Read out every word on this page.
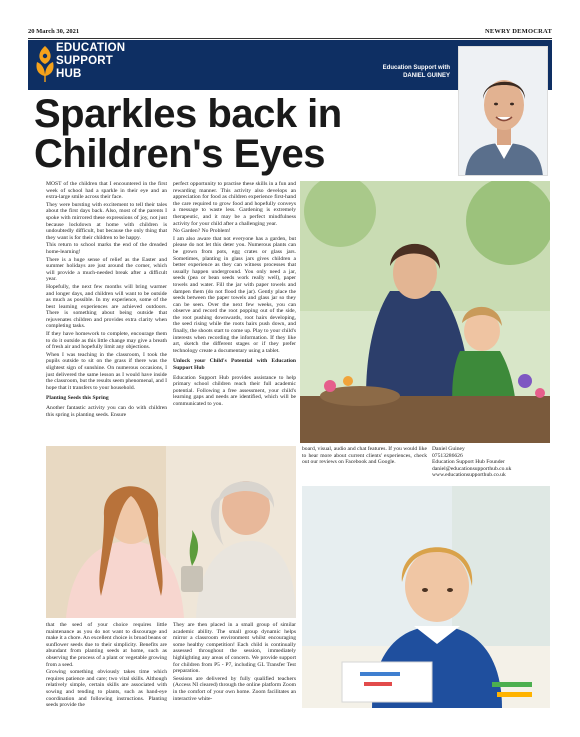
20 March 30, 2021	NEWRY DEMOCRAT
EDUCATION
SUPPORT
HUB	Education Support with
DANIEL GUINEY
Sparkles back in
Children's Eyes

MOST of the children that I encountered in the first week of school had a sparkle in their eye and an extra-large smile across their face.

They were bursting with excitement to tell their tales about the first days back. Also, most of the parents I spoke with mirrored these expressions of joy, not just because lockdown at home with children is undoubtedly difficult, but because the only thing that they want is for their children to be happy.

This return to school marks the end of the dreaded home-learning!

There is a huge sense of relief as the Easter and summer holidays are just around the corner, which will provide a much-needed break after a difficult year.

Hopefully, the next few months will bring warmer and longer days, and children will want to be outside as much as possible. In my experience, some of the best learning experiences are achieved outdoors. There is something about being outside that rejuvenates children and provides extra clarity when completing tasks.

If they have homework to complete, encourage them to do it outside as this little change may give a breath of fresh air and hopefully limit any objections.

When I was teaching in the classroom, I took the pupils outside to sit on the grass if there was the slightest sign of sunshine. On numerous occasions, I just delivered the same lesson as I would have inside the classroom, but the results seem phenomenal, and I hope that it transfers to your household.

Planting Seeds this Spring

Another fantastic activity you can do with children this spring is planting seeds. Ensure

perfect opportunity to practise these skills in a fun and rewarding manner. This activity also develops an appreciation for food as children experience first-hand the care required to grow food and hopefully conveys a message to waste less. Gardening is extremely therapeutic, and it may be a perfect mindfulness activity for your child after a challenging year.

No Garden? No Problem!

I am also aware that not everyone has a garden, but please do not let this deter you. Numerous plants can be grown from pots, egg crates or glass jars. Sometimes, planting in glass jars gives children a better experience as they can witness processes that usually happen underground. You only need a jar, seeds (pea or bean seeds work really well), paper towels and water. Fill the jar with paper towels and dampen them (do not flood the jar). Gently place the seeds between the paper towels and glass jar so they can be seen. Over the next few weeks, you can observe and record the root popping out of the side, the root pushing downwards, root hairs developing, the seed rising while the roots hairs push down, and finally, the shoots start to come up. Play to your child's interests when recording the information. If they like art, sketch the different stages or if they prefer technology create a documentary using a tablet.

Unlock your Child's Potential with Education Support Hub

Education Support Hub provides assistance to help primary school children reach their full academic potential. Following a free assessment, your child's learning gaps and needs are identified, which will be communicated to you.

board, visual, audio and chat features. If you would like to hear more about current clients' experiences, check out our reviews on Facebook and Google.

Daniel Guiney
07513286626
Education Support Hub Founder
daniel@educationsupporthub.co.uk
www.educationsupporthub.co.uk

that the seed of your choice requires little maintenance as you do not want to discourage and make it a chore. An excellent choice is broad beans or sunflower seeds due to their simplicity. Benefits are abundant from planting seeds at home, such as observing the process of a plant or vegetable growing from a seed.

Growing something obviously takes time which requires patience and care; two vital skills. Although relatively simple, certain skills are associated with sowing and tending to plants, such as hand-eye coordination and following instructions. Planting seeds provide the

They are then placed in a small group of similar academic ability. The small group dynamic helps mirror a classroom environment whilst encouraging some healthy competition! Each child is continually assessed throughout the session, immediately highlighting any areas of concern. We provide support for children from P5 - P7, including GL Transfer Test preparation.

Sessions are delivered by fully qualified teachers (Access NI cleared) through the online platform Zoom in the comfort of your own home. Zoom facilitates an interactive white-
